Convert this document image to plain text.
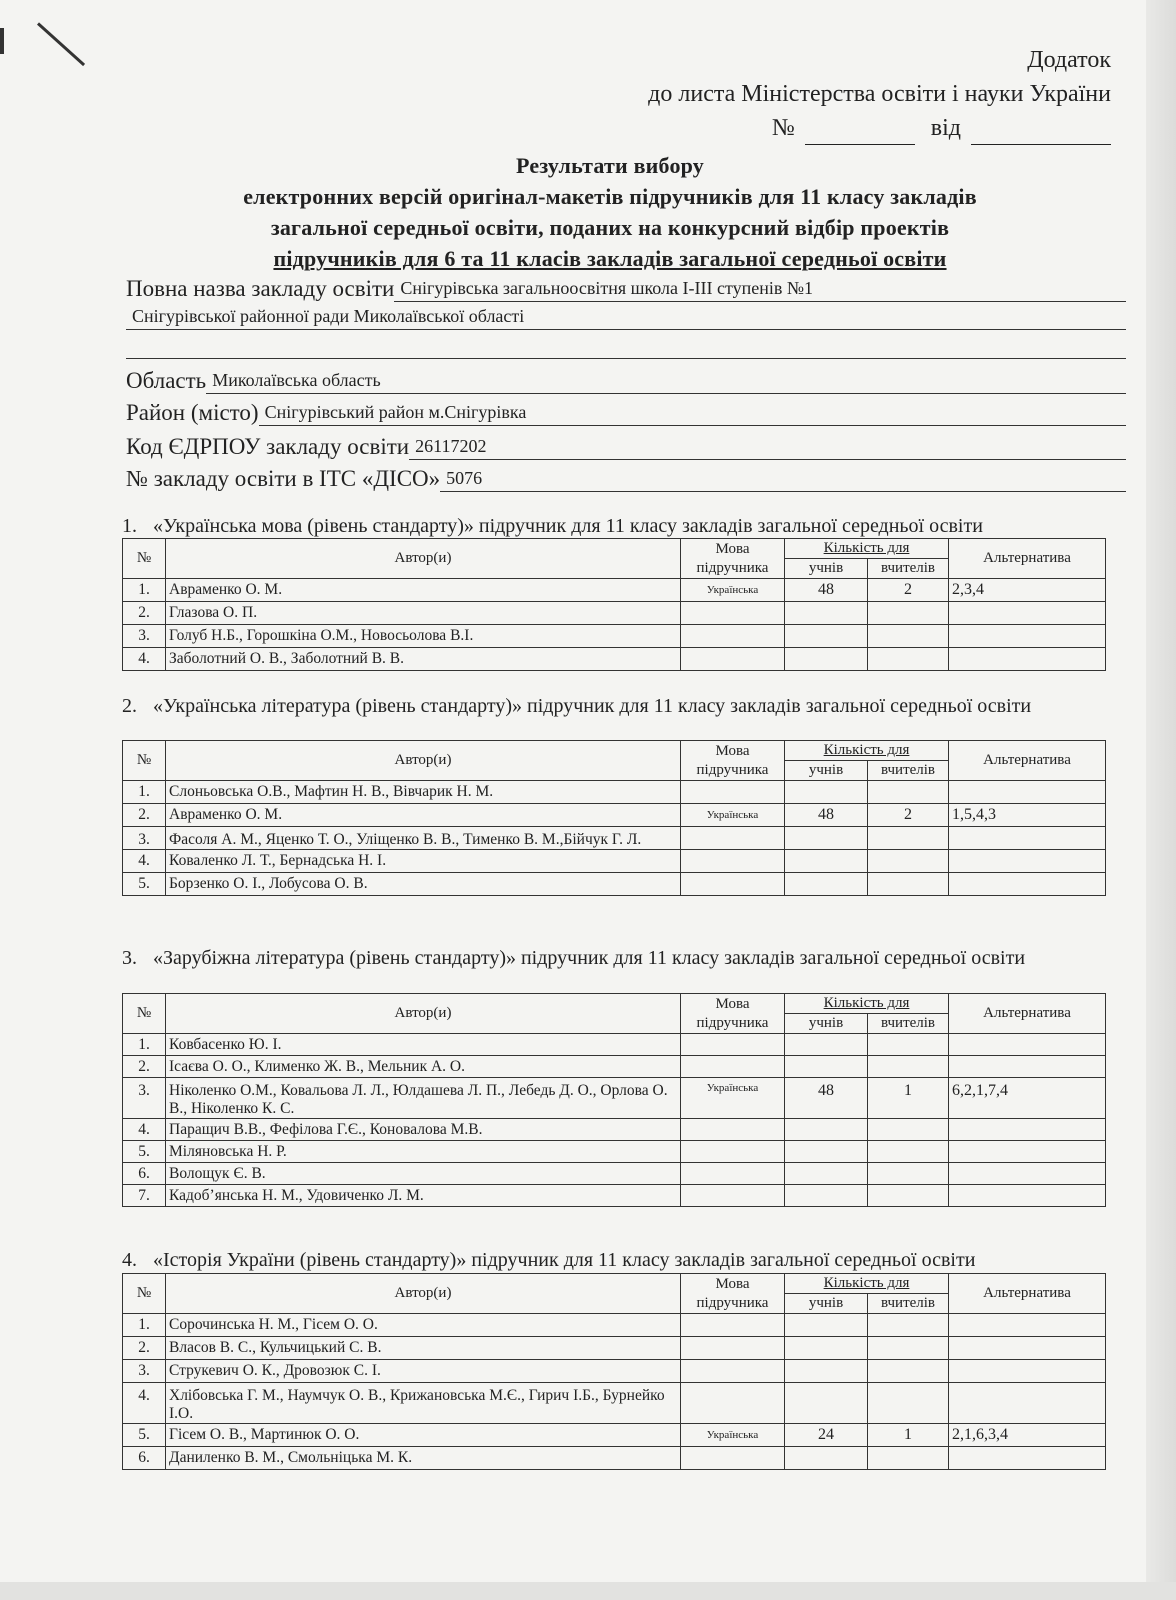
Додаток
до листа Міністерства освіти і науки України
№	від
Результати вибору
електронних версій оригінал-макетів підручників для 11 класу закладів
загальної середньої освіти, поданих на конкурсний відбір проектів
підручників для 6 та 11 класів закладів загальної середньої освіти
Повна назва закладу освіти Снігурівська загальноосвітня школа І-ІІІ ступенів №1
Снігурівської районної ради Миколаївської області
Область Миколаївська область
Район (місто) Снігурівський район м.Снігурівка
Код ЄДРПОУ закладу освіти 26117202
№ закладу освіти в ІТС «ДІСО» 5076
1. «Українська мова (рівень стандарту)» підручник для 11 класу закладів загальної середньої освіти
№	Автор(и)	Мова підручника	Кількість для		Альтернатива
			учнів	вчителів	
1.	Авраменко О. М.	Українська	48	2	2,3,4
2.	Глазова О. П.				
3.	Голуб Н.Б., Горошкіна О.М., Новосьолова В.І.				
4.	Заболотний О. В., Заболотний В. В.				
2. «Українська література (рівень стандарту)» підручник для 11 класу закладів загальної середньої освіти
№	Автор(и)	Мова підручника	Кількість для		Альтернатива
			учнів	вчителів	
1.	Слоньовська О.В., Мафтин Н. В., Вівчарик Н. М.				
2.	Авраменко О. М.	Українська	48	2	1,5,4,3
3.	Фасоля А. М., Яценко Т. О., Уліщенко В. В., Тименко В. М.,Бійчук Г. Л.				
4.	Коваленко Л. Т., Бернадська Н. І.				
5.	Борзенко О. І., Лобусова О. В.				
3. «Зарубіжна література (рівень стандарту)» підручник для 11 класу закладів загальної середньої освіти
№	Автор(и)	Мова підручника	Кількість для		Альтернатива
			учнів	вчителів	
1.	Ковбасенко Ю. І.				
2.	Ісаєва О. О., Клименко Ж. В., Мельник А. О.				
3.	Ніколенко О.М., Ковальова Л. Л., Юлдашева Л. П., Лебедь Д. О., Орлова О. В., Ніколенко К. С.	Українська	48	1	6,2,1,7,4
4.	Паращич В.В., Фефілова Г.Є., Коновалова М.В.				
5.	Міляновська Н. Р.				
6.	Волощук Є. В.				
7.	Кадоб’янська Н. М., Удовиченко Л. М.				
4. «Історія України (рівень стандарту)» підручник для 11 класу закладів загальної середньої освіти
№	Автор(и)	Мова підручника	Кількість для		Альтернатива
			учнів	вчителів	
1.	Сорочинська Н. М., Гісем О. О.				
2.	Власов В. С., Кульчицький С. В.				
3.	Струкевич О. К., Дровозюк С. І.				
4.	Хлібовська Г. М., Наумчук О. В., Крижановська М.Є., Гирич І.Б., Бурнейко І.О.				
5.	Гісем О. В., Мартинюк О. О.	Українська	24	1	2,1,6,3,4
6.	Даниленко В. М., Смольніцька М. К.				
